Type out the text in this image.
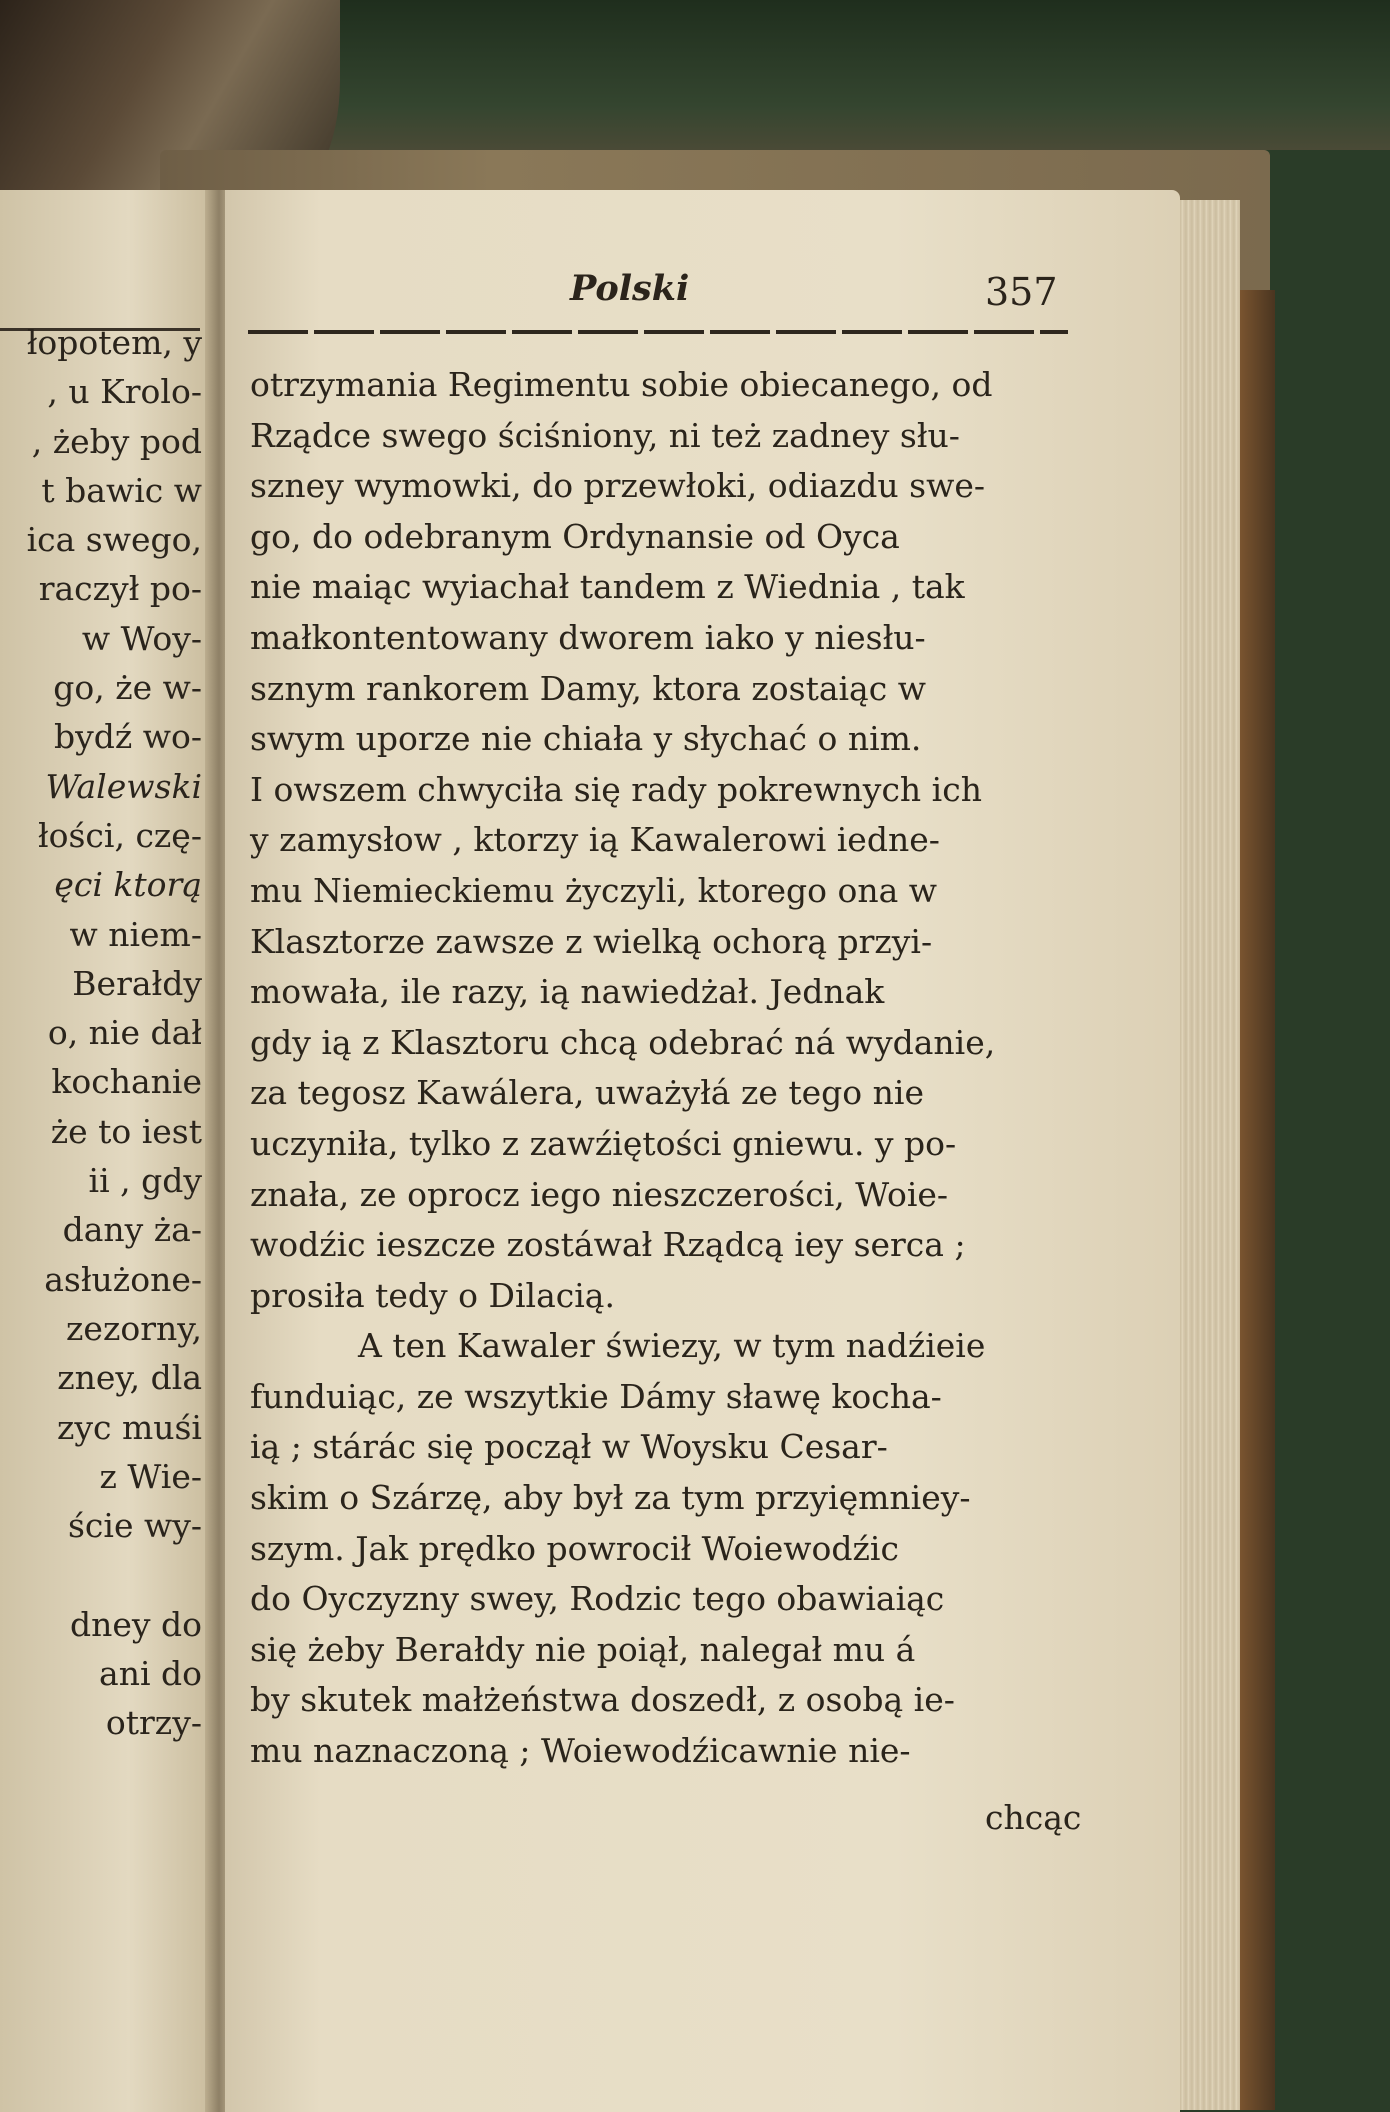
łopotem, y
, u Krolo-
, żeby pod
t bawic w
ica swego,
raczył po-
w Woy-
go, że w-
bydź wo-
Walewski
łości, czę-
ęci ktorą
w niem-
Berałdy
o, nie dał
kochanie
że to iest
ii , gdy
dany ża-
asłużone-
zezorny,
zney, dla
zyc muśi
z Wie-
ście wy-
dney do
ani do
otrzy-
Polski	357
otrzymania Regimentu sobie obiecanego, od
Rządce swego ściśniony, ni też zadney słu-
szney wymowki, do przewłoki, odiazdu swe-
go, do odebranym Ordynansie od Oyca
nie maiąc wyiachał tandem z Wiednia , tak
małkontentowany dworem iako y niesłu-
sznym rankorem Damy, ktora zostaiąc w
swym uporze nie chiała y słychać o nim.
I owszem chwyciła się rady pokrewnych ich
y zamysłow , ktorzy ią Kawalerowi iedne-
mu Niemieckiemu życzyli, ktorego ona w
Klasztorze zawsze z wielką ochorą przyi-
mowała, ile razy, ią nawiedżał. Jednak
gdy ią z Klasztoru chcą odebrać ná wydanie,
za tegosz Kawálera, uważyłá ze tego nie
uczyniła, tylko z zawźiętości gniewu. y po-
znała, ze oprocz iego nieszczerości, Woie-
wodźic ieszcze zostáwał Rządcą iey serca ;
prosiła tedy o Dilacią.
A ten Kawaler świezy, w tym nadźieie
funduiąc, ze wszytkie Dámy sławę kocha-
ią ; stárác się począł w Woysku Cesar-
skim o Szárzę, aby był za tym przyięmniey-
szym. Jak prędko powrocił Woiewodźic
do Oyczyzny swey, Rodzic tego obawiaiąc
się żeby Berałdy nie poiął, nalegał mu á
by skutek małżeństwa doszedł, z osobą ie-
mu naznaczoną ; Woiewodźicawnie nie-
chcąc
